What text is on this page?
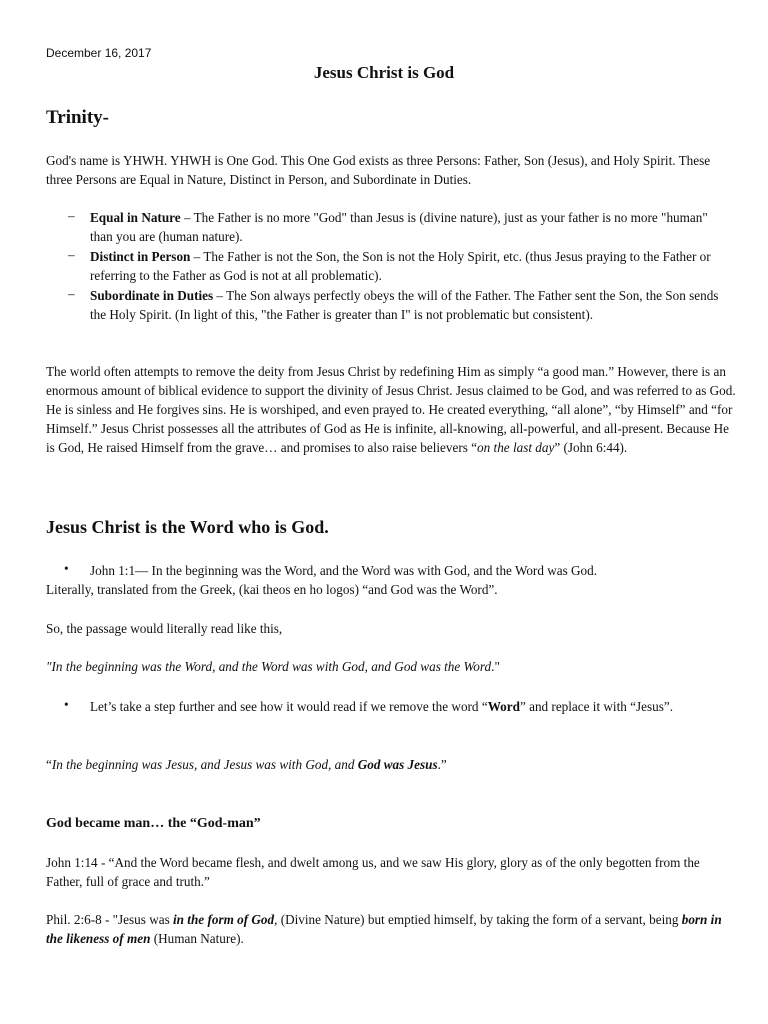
December 16, 2017
Jesus Christ is God
Trinity-
God's name is YHWH. YHWH is One God. This One God exists as three Persons: Father, Son (Jesus), and Holy Spirit. These three Persons are Equal in Nature, Distinct in Person, and Subordinate in Duties.
– Equal in Nature – The Father is no more "God" than Jesus is (divine nature), just as your father is no more "human" than you are (human nature).
– Distinct in Person – The Father is not the Son, the Son is not the Holy Spirit, etc. (thus Jesus praying to the Father or referring to the Father as God is not at all problematic).
– Subordinate in Duties – The Son always perfectly obeys the will of the Father. The Father sent the Son, the Son sends the Holy Spirit. (In light of this, "the Father is greater than I" is not problematic but consistent).
The world often attempts to remove the deity from Jesus Christ by redefining Him as simply “a good man.” However, there is an enormous amount of biblical evidence to support the divinity of Jesus Christ. Jesus claimed to be God, and was referred to as God. He is sinless and He forgives sins. He is worshiped, and even prayed to. He created everything, “all alone”, “by Himself” and “for Himself.” Jesus Christ possesses all the attributes of God as He is infinite, all-knowing, all-powerful, and all-present. Because He is God, He raised Himself from the grave… and promises to also raise believers “on the last day” (John 6:44).
Jesus Christ is the Word who is God.
• John 1:1— In the beginning was the Word, and the Word was with God, and the Word was God.
Literally, translated from the Greek, (kai theos en ho logos) “and God was the Word”.
So, the passage would literally read like this,
"In the beginning was the Word, and the Word was with God, and God was the Word."
• Let’s take a step further and see how it would read if we remove the word “Word” and replace it with “Jesus”.
“In the beginning was Jesus, and Jesus was with God, and God was Jesus.”
God became man… the “God-man”
John 1:14 - “And the Word became flesh, and dwelt among us, and we saw His glory, glory as of the only begotten from the Father, full of grace and truth.”
Phil. 2:6-8 - "Jesus was in the form of God, (Divine Nature) but emptied himself, by taking the form of a servant, being born in the likeness of men (Human Nature).
